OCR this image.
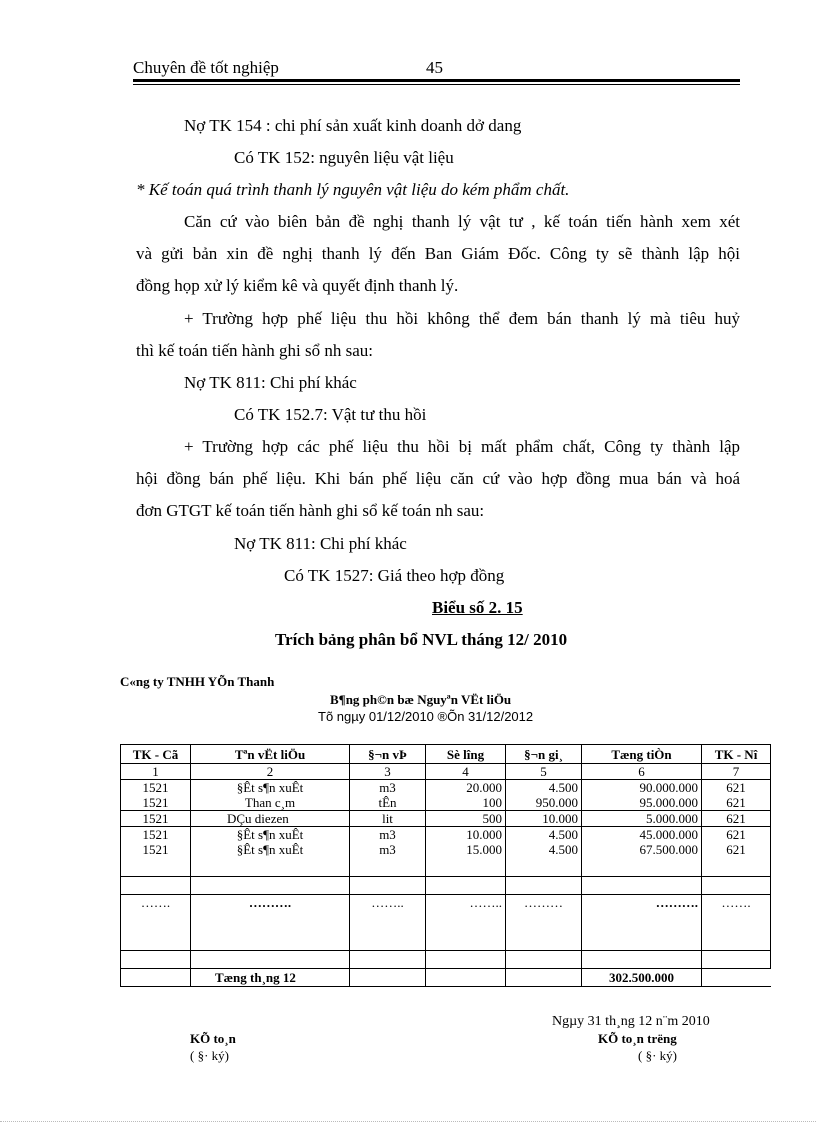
Chuyên đề tốt nghiệp	45
Nợ TK 154 : chi phí sản xuất kinh doanh dở dang
Có TK 152: nguyên liệu vật liệu
* Kế toán quá trình thanh lý nguyên vật liệu do kém phẩm chất.
Căn cứ vào biên bản đề nghị thanh lý vật tư , kế toán tiến hành xem xét
và gửi bản xin đề nghị thanh lý đến Ban Giám Đốc. Công ty sẽ thành lập hội
đồng họp xử lý kiểm kê và quyết định thanh lý.
+ Trường hợp phế liệu thu hồi không thể đem bán thanh lý mà tiêu huỷ
thì kế toán tiến hành ghi sổ nh sau:
Nợ TK 811: Chi phí khác
Có TK 152.7: Vật tư thu hồi
+ Trường hợp các phế liệu thu hồi bị mất phẩm chất, Công ty thành lập
hội đồng bán phế liệu. Khi bán phế liệu căn cứ vào hợp đồng mua bán và hoá
đơn GTGT kế toán tiến hành ghi sổ kế toán nh sau:
Nợ TK 811: Chi phí khác
Có TK 1527: Giá theo hợp đồng
Biểu số 2. 15
Trích bảng phân bổ NVL tháng 12/ 2010
C«ng ty TNHH YÕn Thanh
B¶ng ph©n bæ Nguyªn VËt liÖu
Tõ ngµy 01/12/2010 ®Õn 31/12/2012
TK - Cã	Tªn vËt liÖu	§¬n vÞ	Sè lîng	§¬n gi¸	Tæng tiÒn	TK - Nî
1	2	3	4	5	6	7
1521	§Êt s¶n xuÊt	m3	20.000	4.500	90.000.000	621
1521	Than c¸m	tÊn	100	950.000	95.000.000	621
1521	DÇu diezen	lit	500	10.000	5.000.000	621
1521	§Êt s¶n xuÊt	m3	10.000	4.500	45.000.000	621
1521	§Êt s¶n xuÊt	m3	15.000	4.500	67.500.000	621

…….	……….	……..	……..	………	……….	…….

	Tæng th¸ng 12				302.500.000	
Ngµy 31 th¸ng 12 n¨m 2010
KÕ to¸n
( §· ký)
KÕ to¸n trëng
( §· ký)
